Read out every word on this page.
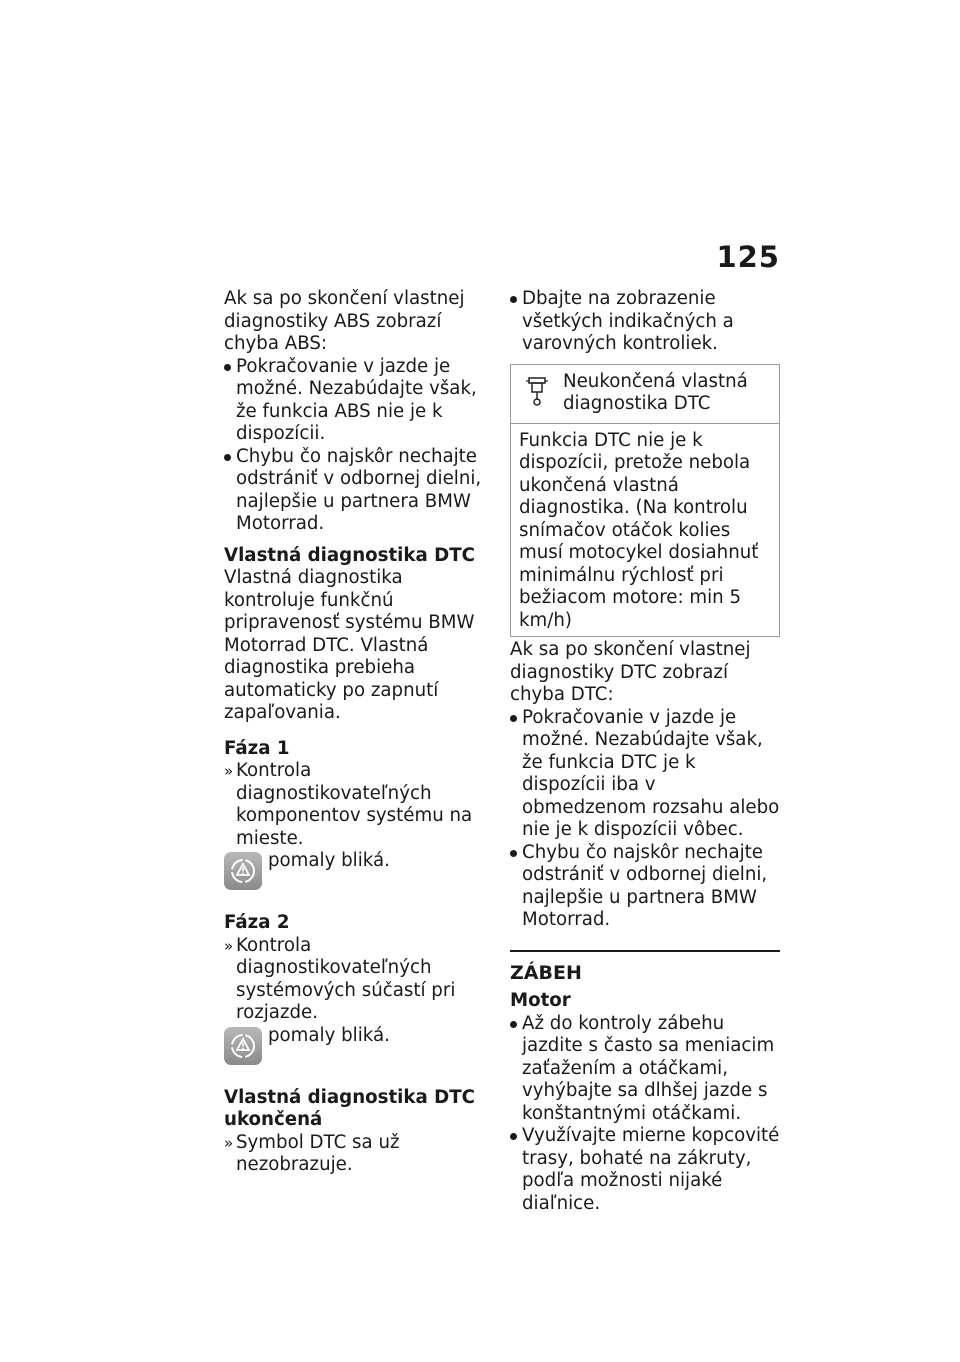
125

Ak sa po skončení vlastnej diagnostiky ABS zobrazí chyba ABS:

Pokračovanie v jazde je možné. Nezabúdajte však, že funkcia ABS nie je k dispozícii.
Chybu čo najskôr nechajte odstrániť v odbornej dielni, najlepšie u partnera BMW Motorrad.

Vlastná diagnostika DTC

Vlastná diagnostika kontroluje funkčnú pripravenosť systému BMW Motorrad DTC. Vlastná diagnostika prebieha automaticky po zapnutí zapaľovania.

Fáza 1

» Kontrola diagnostikovateľných komponentov systému na mieste.

pomaly bliká.

Fáza 2

» Kontrola diagnostikovateľných systémových súčastí pri rozjazde.

pomaly bliká.

Vlastná diagnostika DTC ukončená

» Symbol DTC sa už nezobrazuje.
Dbajte na zobrazenie všetkých indikačných a varovných kontroliek.

Neukončená vlastná diagnostika DTC

Funkcia DTC nie je k dispozícii, pretože nebola ukončená vlastná diagnostika. (Na kontrolu snímačov otáčok kolies musí motocykel dosiahnuť minimálnu rýchlosť pri bežiacom motore: min 5 km/h)

Ak sa po skončení vlastnej diagnostiky DTC zobrazí chyba DTC:

Pokračovanie v jazde je možné. Nezabúdajte však, že funkcia DTC je k dispozícii iba v obmedzenom rozsahu alebo nie je k dispozícii vôbec.
Chybu čo najskôr nechajte odstrániť v odbornej dielni, najlepšie u partnera BMW Motorrad.

ZÁBEH

Motor

Až do kontroly zábehu jazdite s často sa meniacim zaťažením a otáčkami, vyhýbajte sa dlhšej jazde s konštantnými otáčkami.
Využívajte mierne kopcovité trasy, bohaté na zákruty, podľa možnosti nijaké diaľnice.
